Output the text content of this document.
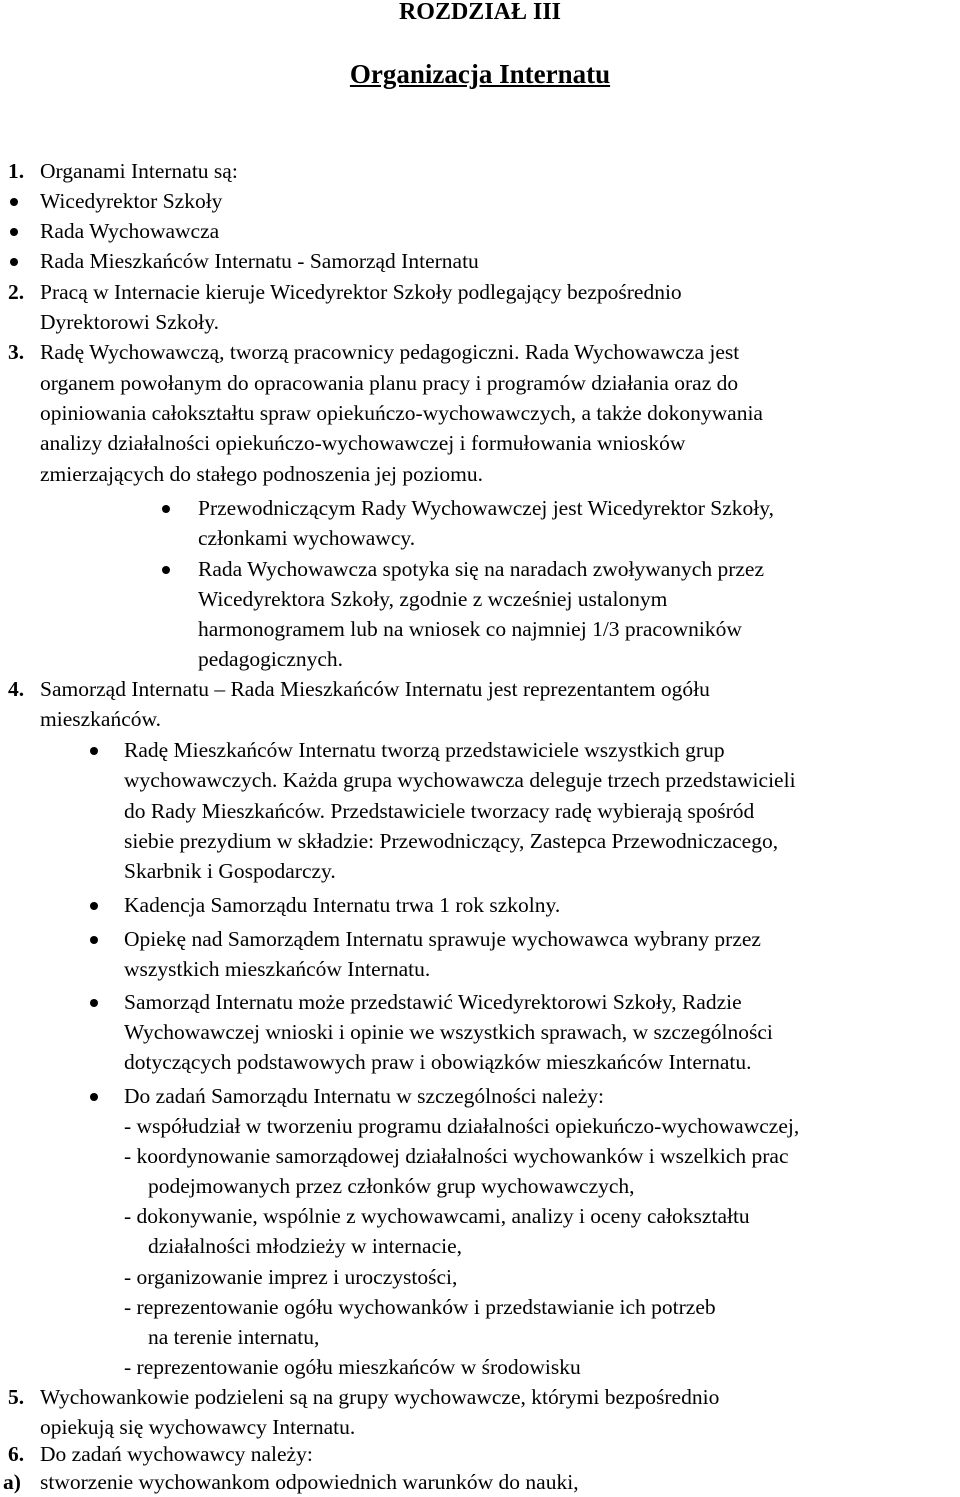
ROZDZIAŁ III
Organizacja Internatu
1. Organami Internatu są:
Wicedyrektor Szkoły
Rada Wychowawcza
Rada Mieszkańców Internatu - Samorząd Internatu
2. Pracą w Internacie kieruje Wicedyrektor Szkoły podlegający bezpośrednio
Dyrektorowi Szkoły.
3. Radę Wychowawczą, tworzą pracownicy pedagogiczni. Rada Wychowawcza jest
organem powołanym do opracowania planu pracy i programów działania oraz do
opiniowania całokształtu spraw opiekuńczo-wychowawczych, a także dokonywania
analizy działalności opiekuńczo-wychowawczej i formułowania wniosków
zmierzających do stałego podnoszenia jej poziomu.
Przewodniczącym Rady Wychowawczej jest Wicedyrektor Szkoły,
członkami wychowawcy.
Rada Wychowawcza spotyka się na naradach zwoływanych przez
Wicedyrektora Szkoły, zgodnie z wcześniej ustalonym
harmonogramem lub na wniosek co najmniej 1/3 pracowników
pedagogicznych.
4. Samorząd Internatu – Rada Mieszkańców Internatu jest reprezentantem ogółu
mieszkańców.
Radę Mieszkańców Internatu tworzą przedstawiciele wszystkich grup
wychowawczych. Każda grupa wychowawcza deleguje trzech przedstawicieli
do Rady Mieszkańców. Przedstawiciele tworzacy radę wybierają spośród
siebie prezydium w składzie: Przewodniczący, Zastepca Przewodniczacego,
Skarbnik i Gospodarczy.
Kadencja Samorządu Internatu trwa 1 rok szkolny.
Opiekę nad Samorządem Internatu sprawuje wychowawca wybrany przez
wszystkich mieszkańców Internatu.
Samorząd Internatu może przedstawić Wicedyrektorowi Szkoły, Radzie
Wychowawczej wnioski i opinie we wszystkich sprawach, w szczególności
dotyczących podstawowych praw i obowiązków mieszkańców Internatu.
Do zadań Samorządu Internatu w szczególności należy:
- współudział w tworzeniu programu działalności opiekuńczo-wychowawczej,
- koordynowanie samorządowej działalności wychowanków i wszelkich prac
podejmowanych przez członków grup wychowawczych,
- dokonywanie, wspólnie z wychowawcami, analizy i oceny całokształtu
działalności młodzieży w internacie,
- organizowanie imprez i uroczystości,
- reprezentowanie ogółu wychowanków i przedstawianie ich potrzeb
na terenie internatu,
- reprezentowanie ogółu mieszkańców w środowisku
5. Wychowankowie podzieleni są na grupy wychowawcze, którymi bezpośrednio
opiekują się wychowawcy Internatu.
6. Do zadań wychowawcy należy:
a) stworzenie wychowankom odpowiednich warunków do nauki,
